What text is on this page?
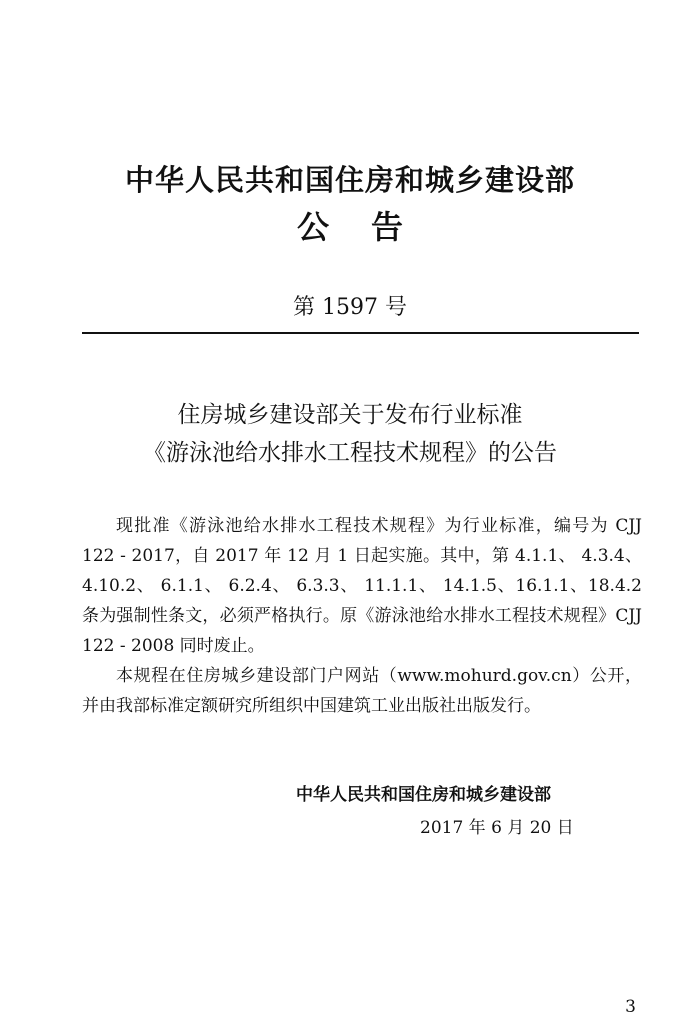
中华人民共和国住房和城乡建设部
公告
第 1597 号
住房城乡建设部关于发布行业标准
《游泳池给水排水工程技术规程》的公告

现批准《游泳池给水排水工程技术规程》为行业标准，编号为 CJJ 122 - 2017，自 2017 年 12 月 1 日起实施。其中，第 4.1.1、 4.3.4、 4.10.2、 6.1.1、 6.2.4、 6.3.3、 11.1.1、 14.1.5、16.1.1、18.4.2 条为强制性条文，必须严格执行。原《游泳池给水排水工程技术规程》CJJ 122 - 2008 同时废止。

本规程在住房城乡建设部门户网站（www.mohurd.gov.cn）公开，并由我部标准定额研究所组织中国建筑工业出版社出版发行。

中华人民共和国住房和城乡建设部
2017 年 6 月 20 日
3
